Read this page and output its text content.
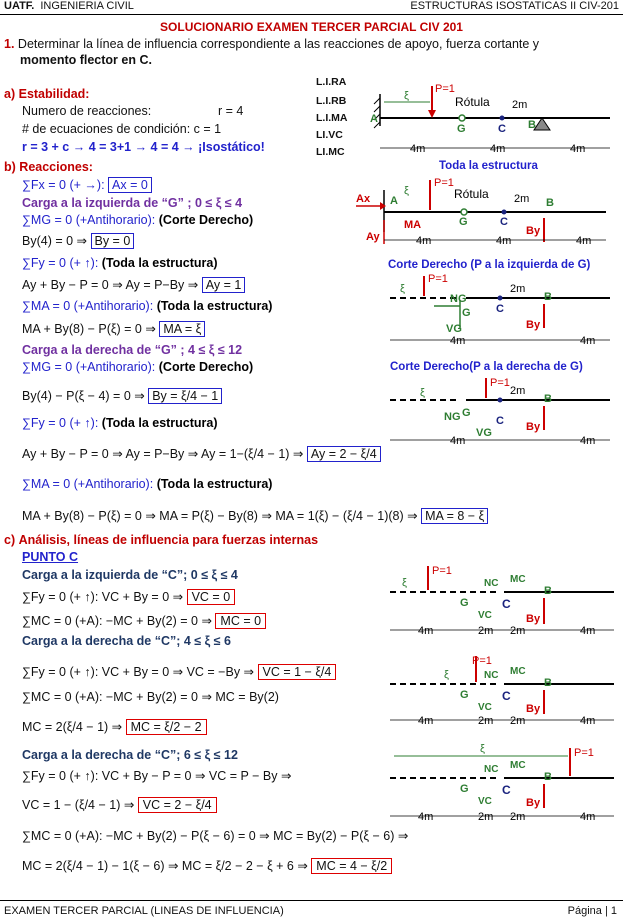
UATF. INGENIERIA CIVIL	ESTRUCTURAS ISOSTATICAS II CIV-201
SOLUCIONARIO EXAMEN TERCER PARCIAL CIV 201
1. Determinar la línea de influencia correspondiente a las reacciones de apoyo, fuerza cortante y
momento flector en C.
L.I.RA
L.I.RB
L.I.MA
LI.VC
LI.MC
a) Estabilidad:
Numero de reacciones:	r = 4
# de ecuaciones de condición: c = 1
r = 3 + c → 4 = 3+1 → 4 = 4 → ¡Isostático!
b) Reacciones:
∑Fx = 0 (+ →): Ax = 0
Carga a la izquierda de “G” ; 0 ≤ ξ ≤ 4
∑MG = 0 (+Antihorario): (Corte Derecho)
By(4) = 0 ⇒ By = 0
∑Fy = 0 (+ ↑): (Toda la estructura)
Ay + By − P = 0 ⇒ Ay = P−By ⇒ Ay = 1
∑MA = 0 (+Antihorario): (Toda la estructura)
MA + By(8) − P(ξ) = 0 ⇒ MA = ξ
Carga a la derecha de “G” ; 4 ≤ ξ ≤ 12
∑MG = 0 (+Antihorario): (Corte Derecho)
By(4) − P(ξ − 4) = 0 ⇒ By = ξ/4 − 1
∑Fy = 0 (+ ↑): (Toda la estructura)
Ay + By − P = 0 ⇒ Ay = P−By ⇒ Ay = 1−(ξ/4 − 1) ⇒ Ay = 2 − ξ/4
∑MA = 0 (+Antihorario): (Toda la estructura)
MA + By(8) − P(ξ) = 0 ⇒ MA = P(ξ) − By(8) ⇒ MA = 1(ξ) − (ξ/4 − 1)(8) ⇒ MA = 8 − ξ
c) Análisis, líneas de influencia para fuerzas internas
PUNTO C
Carga a la izquierda de “C”; 0 ≤ ξ ≤ 4
∑Fy = 0 (+ ↑): VC + By = 0 ⇒ VC = 0
∑MC = 0 (+A): −MC + By(2) = 0 ⇒ MC = 0
Carga a la derecha de “C”; 4 ≤ ξ ≤ 6
∑Fy = 0 (+ ↑): VC + By = 0 ⇒ VC = −By ⇒ VC = 1 − ξ/4
∑MC = 0 (+A): −MC + By(2) = 0 ⇒ MC = By(2)
MC = 2(ξ/4 − 1) ⇒ MC = ξ/2 − 2
Carga a la derecha de “C”; 6 ≤ ξ ≤ 12
∑Fy = 0 (+ ↑): VC + By − P = 0 ⇒ VC = P − By ⇒
VC = 1 − (ξ/4 − 1) ⇒ VC = 2 − ξ/4
∑MC = 0 (+A): −MC + By(2) − P(ξ − 6) = 0 ⇒ MC = By(2) − P(ξ − 6) ⇒
MC = 2(ξ/4 − 1) − 1(ξ − 6) ⇒ MC = ξ/2 − 2 − ξ + 6 ⇒ MC = 4 − ξ/2
Toda la estructura
Corte Derecho (P a la izquierda de G)
Corte Derecho(P a la derecha de G)
A
P=1
ξ
G
Rótula
C
2m
B
4m	4m	4m
Ax
Ay
MA
A
P=1
ξ
G
Rótula
C
2m
By
B
4m	4m	4m
P=1
ξ
NG
VG
G C
2m
By
B
4m	4m
P=1
ξ
NG
VG
G
C
2m
By
B
4m	4m
P=1
ξ
G
NC MC
VC
C
By
B
4m	2m 2m	4m
P=1
ξ
G
NC MC
VC
C
By
B
4m	2m 2m	4m
P=1
ξ
G
NC MC
VC
C
By
B
4m	2m 2m	4m
EXAMEN TERCER PARCIAL (LINEAS DE INFLUENCIA)	Página | 1
